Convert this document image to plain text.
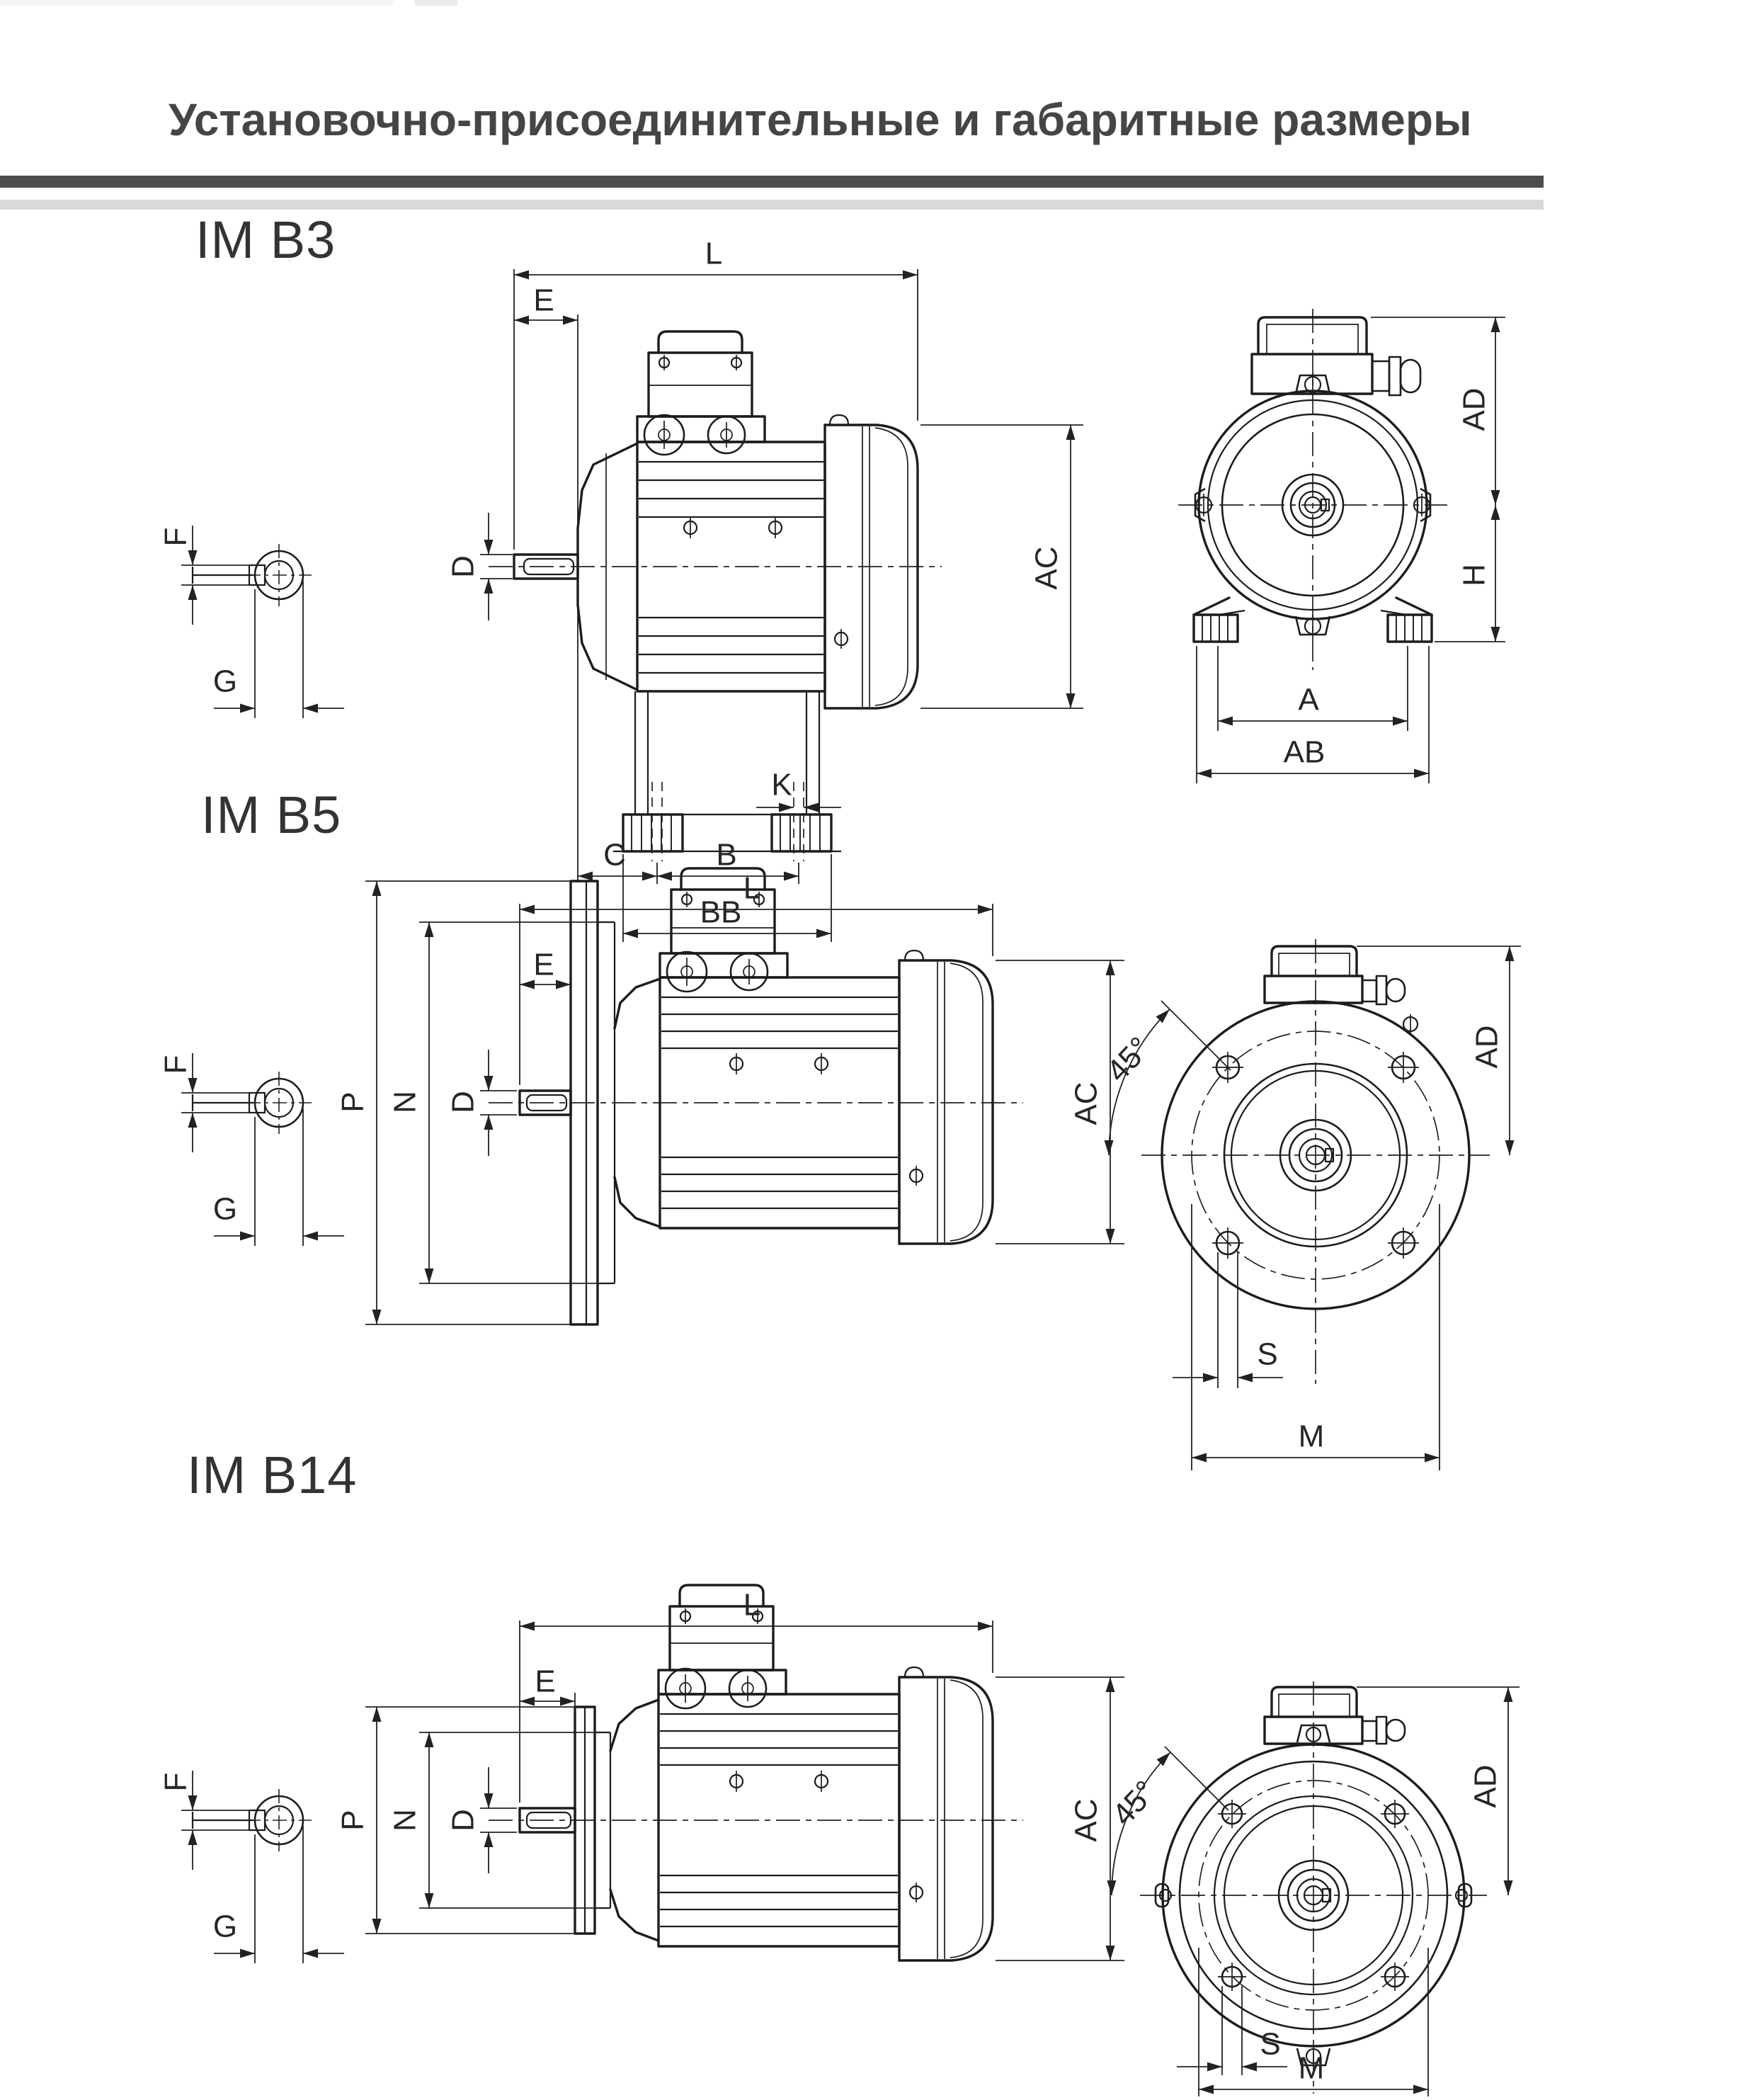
Установочно-присоединительные и габаритные размеры
IM B3
IM B5
IM B14
F
G
L
E
D	AC
K
C	B
BB
AD
H
A
AB
F
G
L
E
P N D	AC
45°	AD
S
M
F
G
L
E
P N D	AC 45°	AD
S
M
